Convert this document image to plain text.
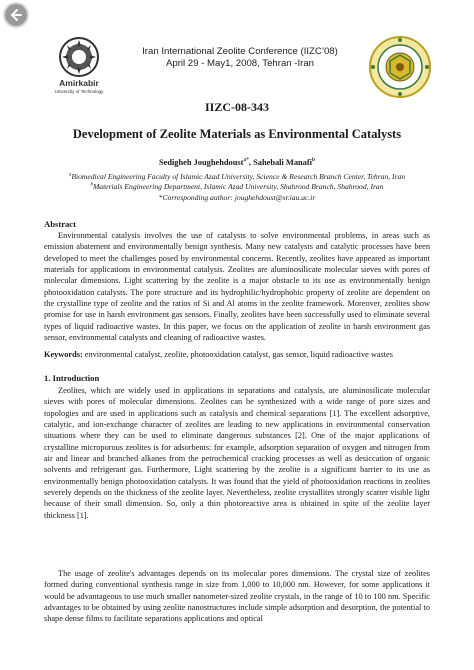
Amirkabir
University of Technology
Iran International Zeolite Conference (IIZC’08)
April 29 - May1, 2008, Tehran -Iran
IIZC-08-343
Development of Zeolite Materials as Environmental Catalysts
Sedigheh Joughehdoust$^{a*}$, Sahebali Manafi$^b$
$^a$Biomedical Engineering Faculty of Islamic Azad University, Science & Research Branch Center, Tehran, Iran
$^b$Materials Engineering Department, Islamic Azad University, Shahrood Branch, Shahrood, Iran
*Corresponding author: joughehdoust@sr.iau.ac.ir
Abstract
Environmental catalysis involves the use of catalysts to solve environmental problems, in areas such as emission abatement and environmentally benign synthesis. Many new catalysts and catalytic processes have been developed to meet the challenges posed by environmental concerns. Recently, zeolites have appeared as important materials for applications in environmental catalysis. Zeolites are aluminosilicate molecular sieves with pores of molecular dimensions. Light scattering by the zeolite is a major obstacle to its use as environmentally benign photooxidation catalysts. The pore structure and its hydrophilic/hydrophobic property of zeolite are dependent on the crystalline type of zeolite and the ratios of Si and Al atoms in the zeolite framework. Moreover, zeolites show promise for use in harsh environment gas sensors. Finally, zeolites have been successfully used to eliminate several types of liquid radioactive wastes. In this paper, we focus on the application of zeolite in harsh environment gas sensor, environmental catalysts and cleaning of radioactive wastes.
Keywords: environmental catalyst, zeolite, photooxidation catalyst, gas sensor, liquid radioactive wastes
1. Introduction
Zeolites, which are widely used in applications in separations and catalysis, are aluminosilicate molecular sieves with pores of molecular dimensions. Zeolites can be synthesized with a wide range of pore sizes and topologies and are used in applications such as catalysis and chemical separations [1]. The excellent adsorptive, catalytic, and ion-exchange character of zeolites are leading to new applications in environmental conservation situations where they can be used to eliminate dangerous substances [2]. One of the major applications of crystalline microporous zeolites is for adsorbents: for example, adsorption separation of oxygen and nitrogen from air and linear and branched alkanes from the petrochemical cracking processes as well as desiccation of organic solvents and refrigerant gas. Furthermore, Light scattering by the zeolite is a significant barrier to its use as environmentally benign photooxidation catalysts. It was found that the yield of photooxidation reactions in zeolites severely depends on the thickness of the zeolite layer. Nevertheless, zeolite crystallites strongly scatter visible light because of their small dimension. So, only a thin photoreactive area is obtained in spite of the zeolite layer thickness [1].
The usage of zeolite's advantages depends on its molecular pores dimensions. The crystal size of zeolites formed during conventional synthesis range in size from 1,000 to 10,000 nm. However, for some applications it would be advantageous to use much smaller nanometer-sized zeolite crystals, in the range of 10 to 100 nm. Specific advantages to be obtained by using zeolite nanostructures include simple adsorption and desorption, the potential to shape dense films to facilitate separations applications and optical
